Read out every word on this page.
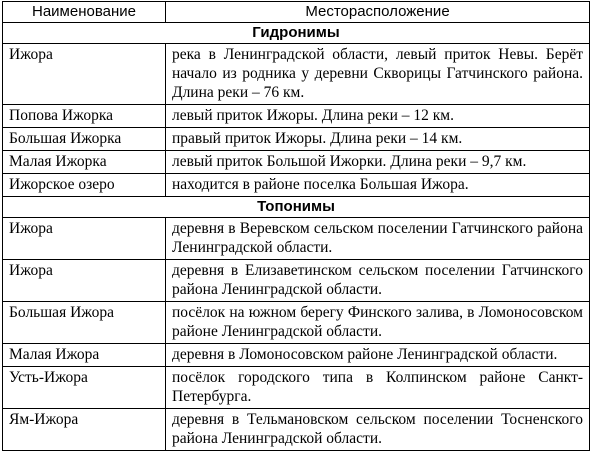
Наименование	Месторасположение
Гидронимы	
Ижора	река в Ленинградской области, левый приток Невы. Берёт начало из родника у деревни Скворицы Гатчинского района. Длина реки – 76 км.
Попова Ижорка	левый приток Ижоры. Длина реки – 12 км.
Большая Ижорка	правый приток Ижоры. Длина реки – 14 км.
Малая Ижорка	левый приток Большой Ижорки. Длина реки – 9,7 км.
Ижорское озеро	находится в районе поселка Большая Ижора.
Топонимы	
Ижора	деревня в Веревском сельском поселении Гатчинского района Ленинградской области.
Ижора	деревня в Елизаветинском сельском поселении Гатчинского района Ленинградской области.
Большая Ижора	посёлок на южном берегу Финского залива, в Ломоносовском районе Ленинградской области.
Малая Ижора	деревня в Ломоносовском районе Ленинградской области.
Усть-Ижора	посёлок городского типа в Колпинском районе Санкт-Петербурга.
Ям-Ижора	деревня в Тельмановском сельском поселении Тосненского района Ленинградской области.
